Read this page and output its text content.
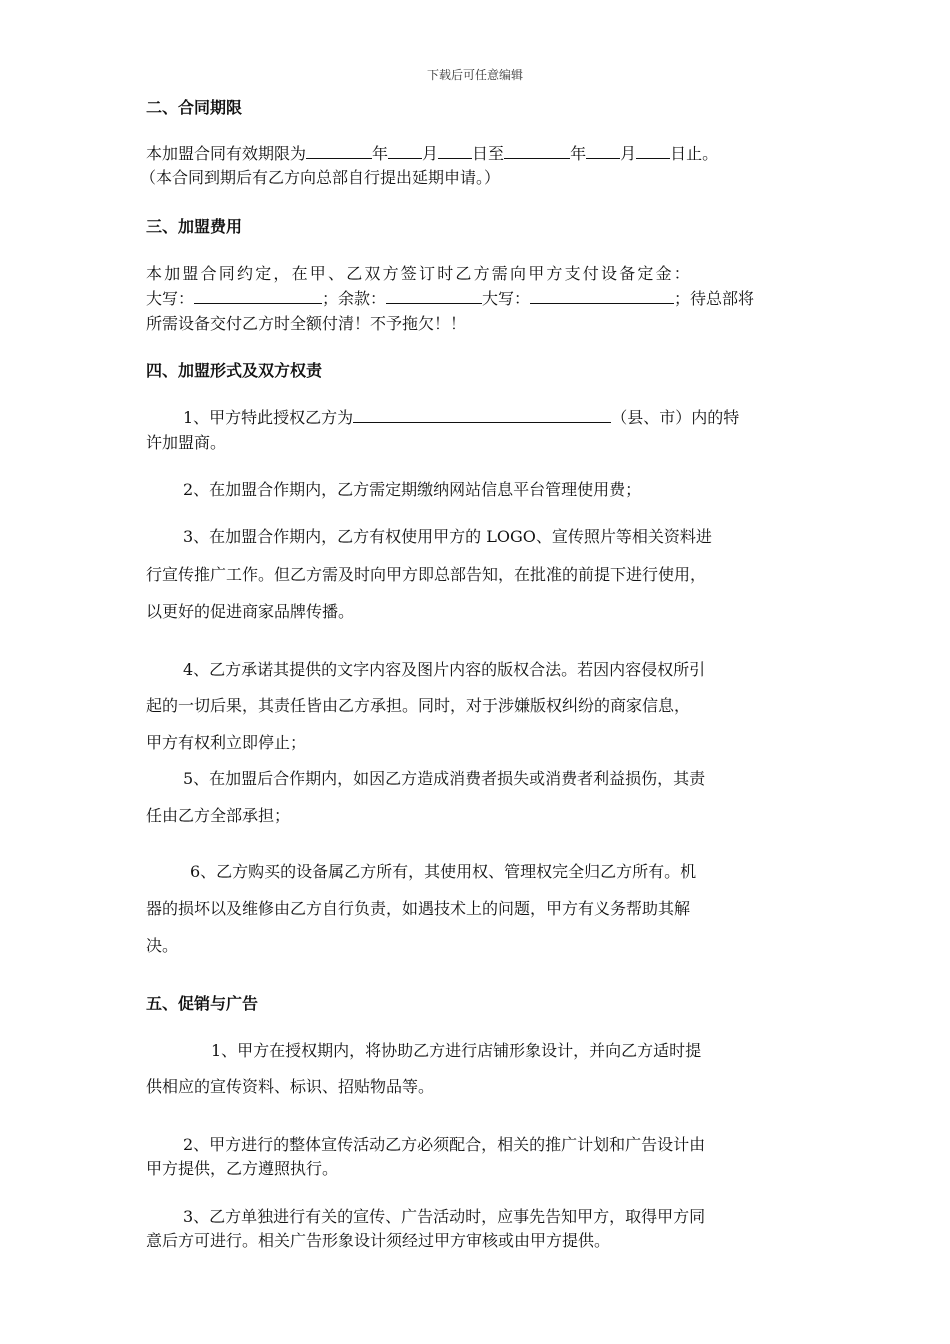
下载后可任意编辑
二、合同期限
本加盟合同有效期限为	年 月 日至	年 月 日止。
（本合同到期后有乙方向总部自行提出延期申请。）
三、加盟费用
本加盟合同约定，在甲、乙双方签订时乙方需向甲方支付设备定金：
大写：	；余款：	大写：	；待总部将
所需设备交付乙方时全额付清！不予拖欠！！
四、加盟形式及双方权责
1、甲方特此授权乙方为	（县、市）内的特
许加盟商。
2、在加盟合作期内，乙方需定期缴纳网站信息平台管理使用费；
3、在加盟合作期内，乙方有权使用甲方的 LOGO、宣传照片等相关资料进
行宣传推广工作。但乙方需及时向甲方即总部告知，在批准的前提下进行使用，
以更好的促进商家品牌传播。
4、乙方承诺其提供的文字内容及图片内容的版权合法。若因内容侵权所引
起的一切后果，其责任皆由乙方承担。同时，对于涉嫌版权纠纷的商家信息，
甲方有权利立即停止；
5、在加盟后合作期内，如因乙方造成消费者损失或消费者利益损伤，其责
任由乙方全部承担；
6、乙方购买的设备属乙方所有，其使用权、管理权完全归乙方所有。机
器的损坏以及维修由乙方自行负责，如遇技术上的问题，甲方有义务帮助其解
决。
五、促销与广告
1、甲方在授权期内，将协助乙方进行店铺形象设计，并向乙方适时提
供相应的宣传资料、标识、招贴物品等。
2、甲方进行的整体宣传活动乙方必须配合，相关的推广计划和广告设计由
甲方提供，乙方遵照执行。
3、乙方单独进行有关的宣传、广告活动时，应事先告知甲方，取得甲方同
意后方可进行。相关广告形象设计须经过甲方审核或由甲方提供。
